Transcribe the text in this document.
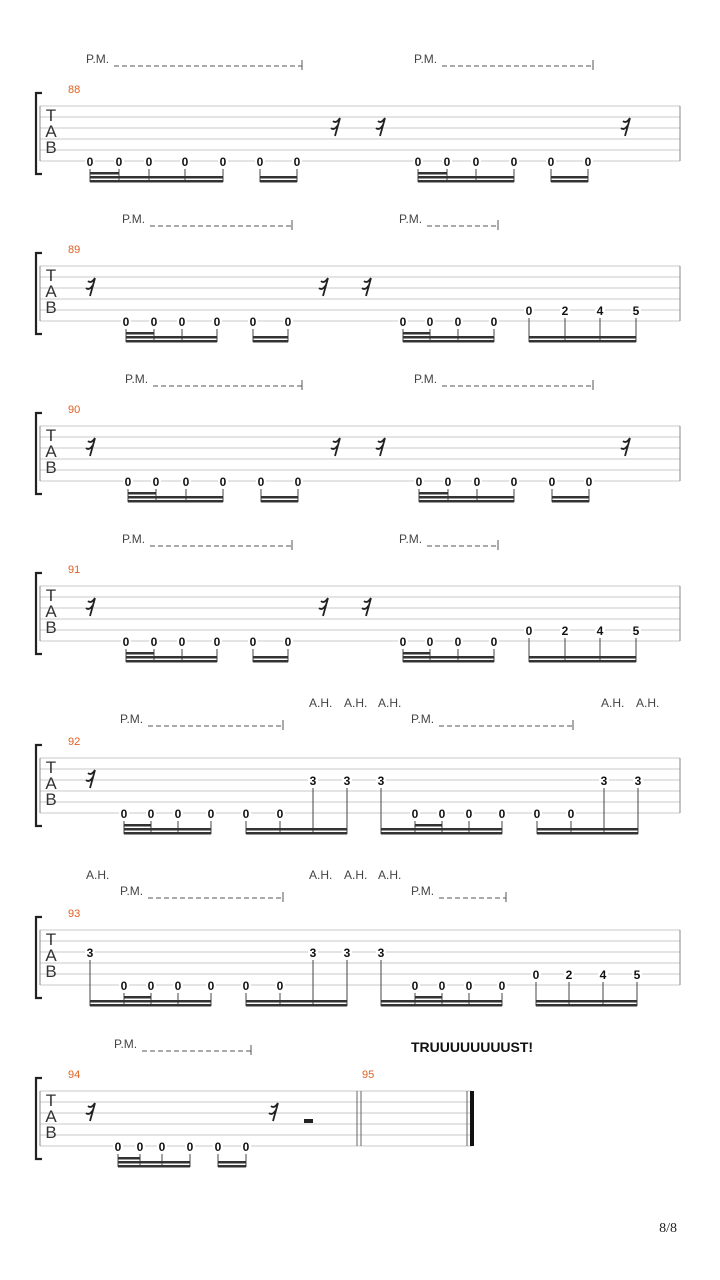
T
A
B
88
P.M.	P.M.
0 0 0 0	0	0	0	0 0 0	0	0	0
T
A
B
89
P.M.	P.M.
0 0 0 0 0 0	0 0 0 0
0 2 4 5
T
A
B
90
P.M.	P.M.
0 0 0	0	0	0	0 0 0	0	0	0
T
A
B
91
P.M.	P.M.
0 0 0 0 0 0	0 0 0 0
0 2 4 5
T
A
B
92
P.M.	P.M.
A.H. A.H. A.H.	A.H. A.H.
0 0 0 0 0 0
3 3 3
0 0 0 0 0 0
3 3
T
A
B
93
P.M.	P.M.
A.H.	A.H. A.H. A.H.
3
0 0 0 0 0 0
3 3 3
0 0 0 0
0 2 4 5
T
A
B
94	95
P.M.
0 0 0 0 0 0
TRUUUUUUUUST!
8/8
